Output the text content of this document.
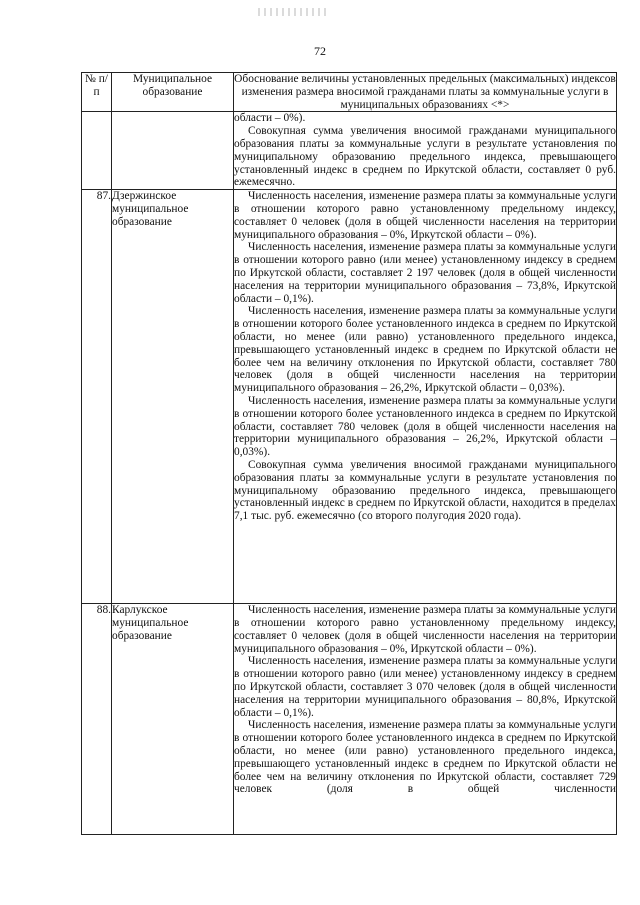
72
№ п/п	Муниципальное образование	Обоснование величины установленных предельных (максимальных) индексов изменения размера вносимой гражданами платы за коммунальные услуги в муниципальных образованиях <*>

		области – 0%).

Совокупная сумма увеличения вносимой гражданами муниципального образования платы за коммунальные услуги в результате установления по муниципальному образованию предельного индекса, превышающего установленный индекс в среднем по Иркутской области, составляет 0 руб. ежемесячно.

87.	Дзержинское муниципальное образование	Численность населения, изменение размера платы за коммунальные услуги в отношении которого равно установленному предельному индексу, составляет 0 человек (доля в общей численности населения на территории муниципального образования – 0%, Иркутской области – 0%).

Численность населения, изменение размера платы за коммунальные услуги в отношении которого равно (или менее) установленному индексу в среднем по Иркутской области, составляет 2 197 человек (доля в общей численности населения на территории муниципального образования – 73,8%, Иркутской области – 0,1%).

Численность населения, изменение размера платы за коммунальные услуги в отношении которого более установленного индекса в среднем по Иркутской области, но менее (или равно) установленного предельного индекса, превышающего установленный индекс в среднем по Иркутской области не более чем на величину отклонения по Иркутской области, составляет 780 человек (доля в общей численности населения на территории муниципального образования – 26,2%, Иркутской области – 0,03%).

Численность населения, изменение размера платы за коммунальные услуги в отношении которого более установленного индекса в среднем по Иркутской области, составляет 780 человек (доля в общей численности населения на территории муниципального образования – 26,2%, Иркутской области – 0,03%).

Совокупная сумма увеличения вносимой гражданами муниципального образования платы за коммунальные услуги в результате установления по муниципальному образованию предельного индекса, превышающего установленный индекс в среднем по Иркутской области, находится в пределах 7,1 тыс. руб. ежемесячно (со второго полугодия 2020 года).

88.	Карлукское муниципальное образование	Численность населения, изменение размера платы за коммунальные услуги в отношении которого равно установленному предельному индексу, составляет 0 человек (доля в общей численности населения на территории муниципального образования – 0%, Иркутской области – 0%).

Численность населения, изменение размера платы за коммунальные услуги в отношении которого равно (или менее) установленному индексу в среднем по Иркутской области, составляет 3 070 человек (доля в общей численности населения на территории муниципального образования – 80,8%, Иркутской области – 0,1%).

Численность населения, изменение размера платы за коммунальные услуги в отношении которого более установленного индекса в среднем по Иркутской области, но менее (или равно) установленного предельного индекса, превышающего установленный индекс в среднем по Иркутской области не более чем на величину отклонения по Иркутской области, составляет 729 человек (доля в общей численности
